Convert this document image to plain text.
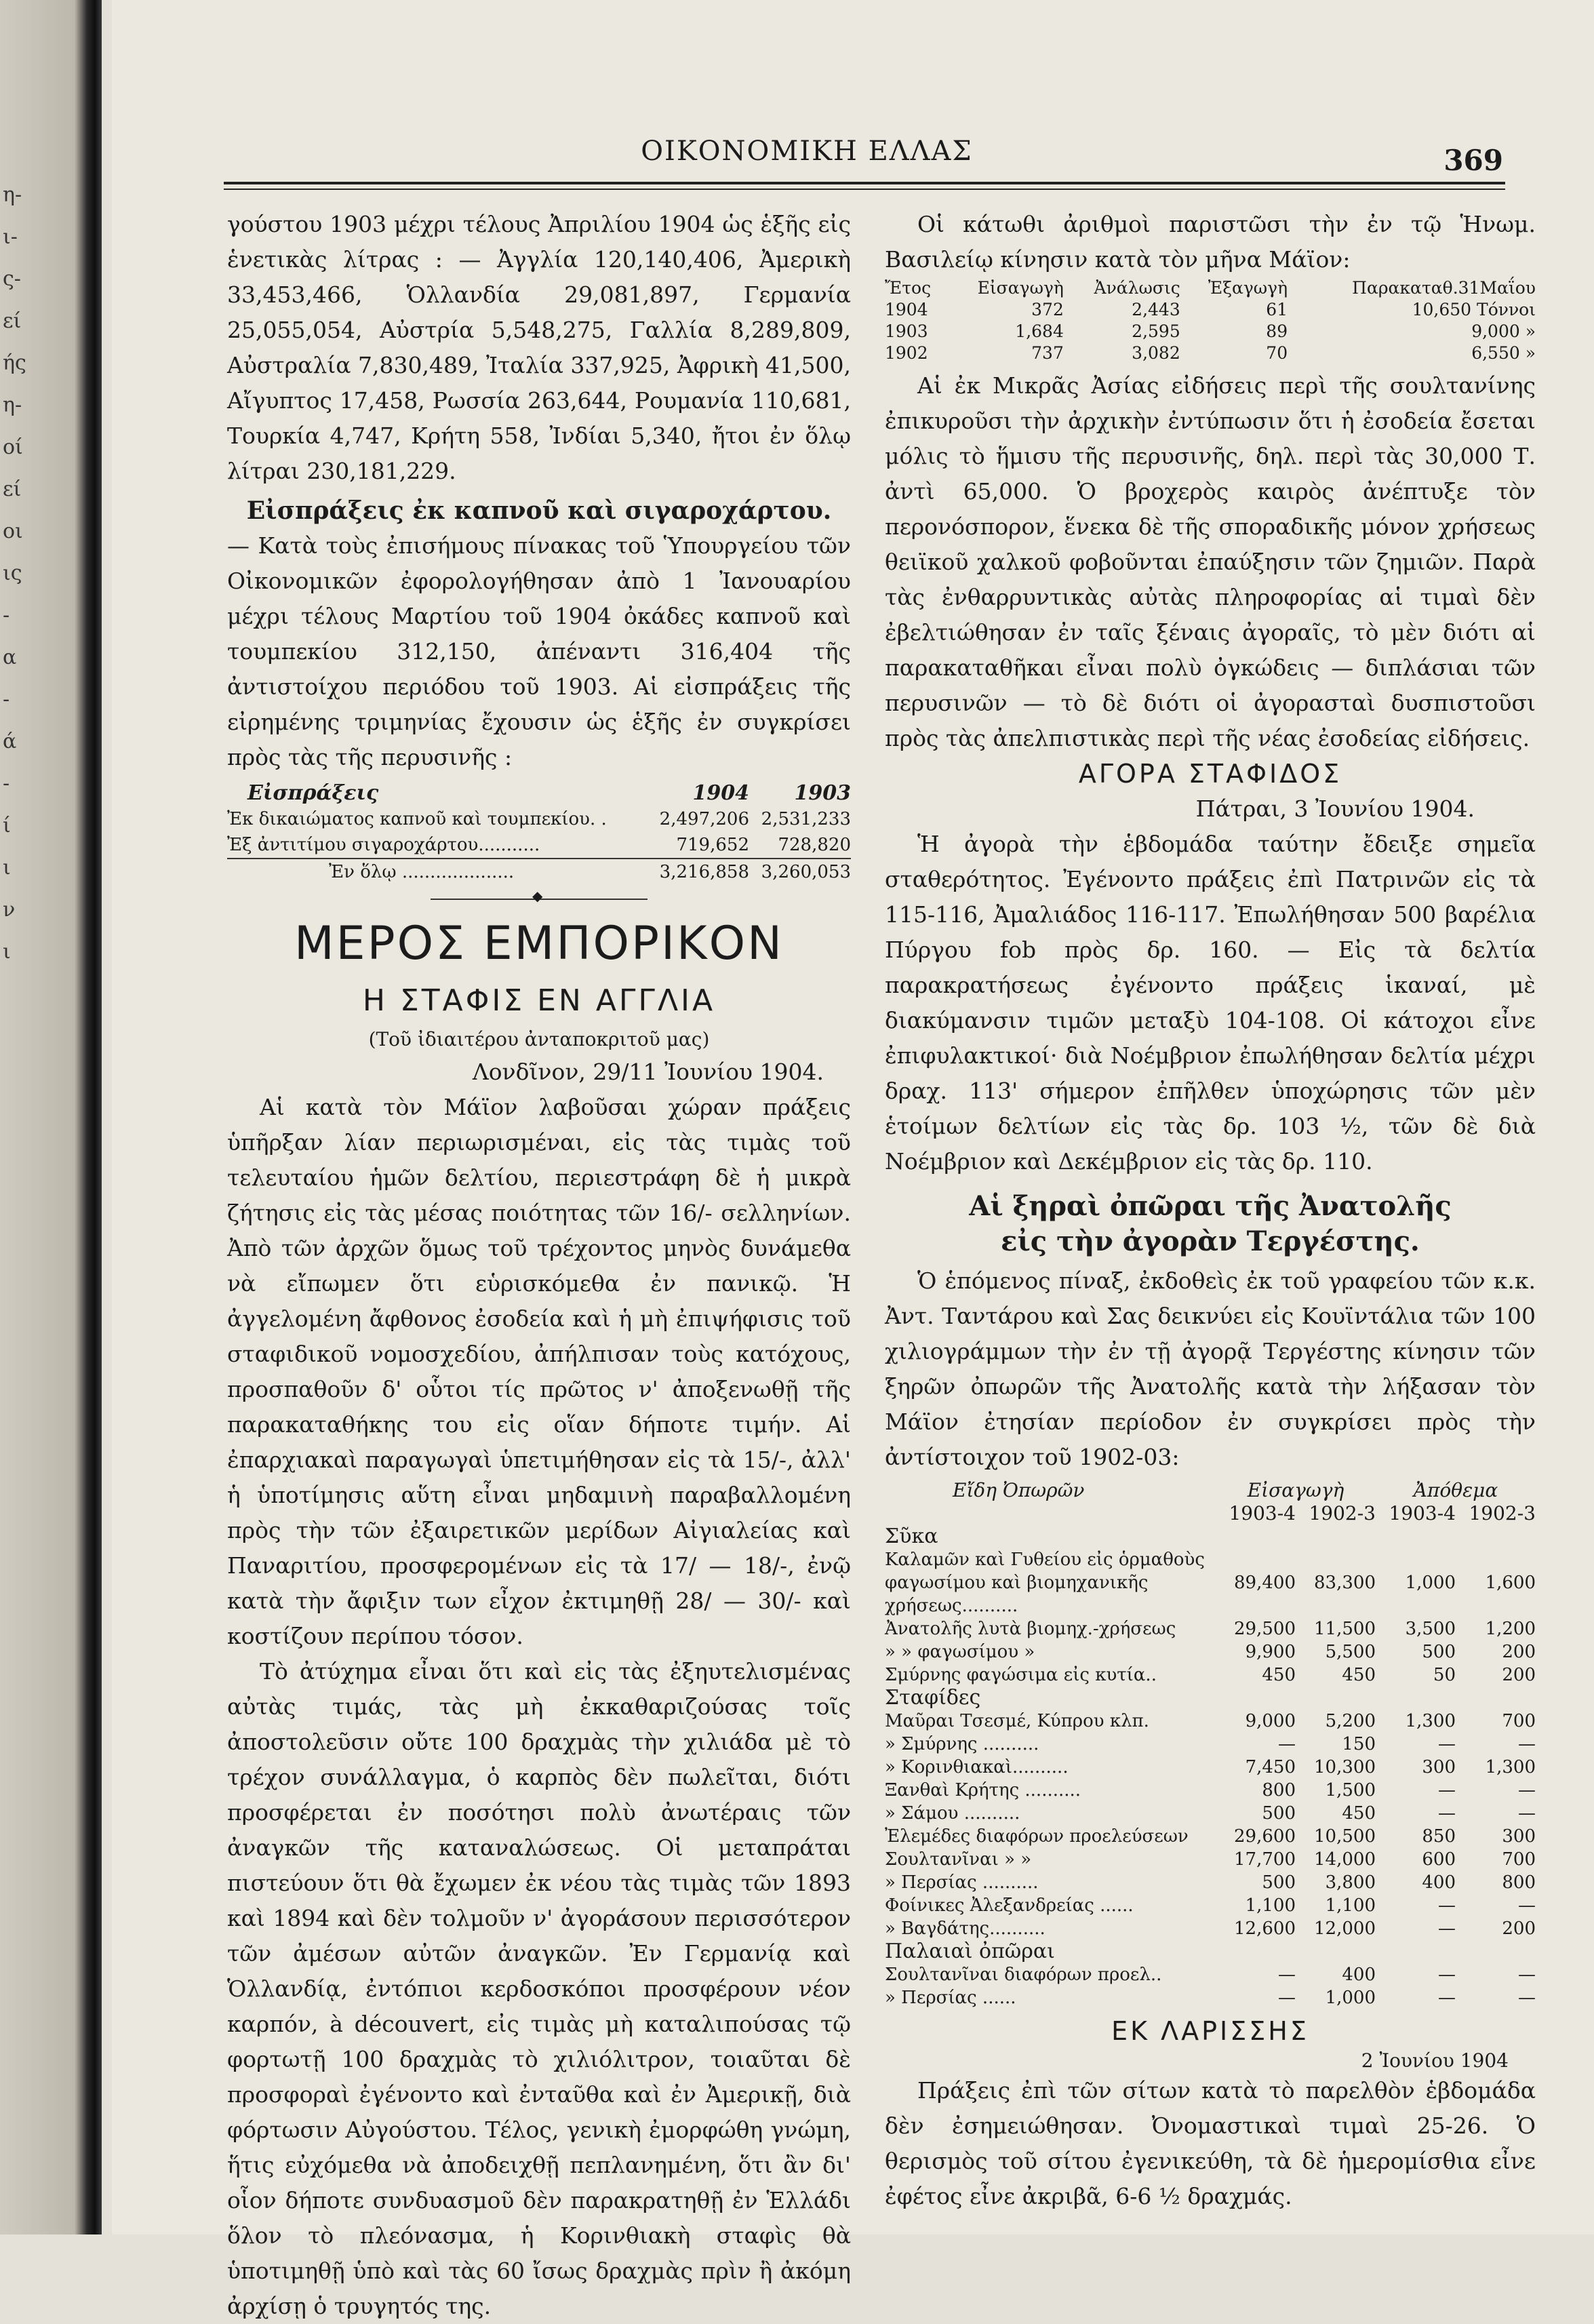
η-
ι-
ς-
εί
ής
η-
οί
εί
οι
ις
-
α
-
ά
-
ί
ι
ν
ι
ΟΙΚΟΝΟΜΙΚΗ ΕΛΛΑΣ	369

γούστου 1903 μέχρι τέλους Ἀπριλίου 1904 ὡς ἑξῆς εἰς ἑνετικὰς λίτρας : — Ἀγγλία 120,140,406, Ἀμερικὴ 33,453,466, Ὁλλανδία 29,081,897, Γερμανία 25,055,054, Αὐστρία 5,548,275, Γαλλία 8,289,809, Αὐστραλία 7,830,489, Ἰταλία 337,925, Ἀφρικὴ 41,500, Αἴγυπτος 17,458, Ρωσσία 263,644, Ρουμανία 110,681, Τουρκία 4,747, Κρήτη 558, Ἰνδίαι 5,340, ἤτοι ἐν ὅλῳ λίτραι 230,181,229.

Εἰσπράξεις ἐκ καπνοῦ καὶ σιγαροχάρτου.

— Κατὰ τοὺς ἐπισήμους πίνακας τοῦ Ὑπουργείου τῶν Οἰκονομικῶν ἐφορολογήθησαν ἀπὸ 1 Ἰανουαρίου μέχρι τέλους Μαρτίου τοῦ 1904 ὀκάδες καπνοῦ καὶ τουμπεκίου 312,150, ἀπέναντι 316,404 τῆς ἀντιστοίχου περιόδου τοῦ 1903. Αἱ εἰσπράξεις τῆς εἰρημένης τριμηνίας ἔχουσιν ὡς ἑξῆς ἐν συγκρίσει πρὸς τὰς τῆς περυσινῆς :

Εἰσπράξεις	1904	1903
Ἐκ δικαιώματος καπνοῦ καὶ τουμπεκίου. .	2,497,206	2,531,233
Ἐξ ἀντιτίμου σιγαροχάρτου...........	719,652	728,820
Ἐν ὅλῳ ....................	3,216,858	3,260,053
◆
ΜΕΡΟΣ ΕΜΠΟΡΙΚΟΝ
Η ΣΤΑΦΙΣ ΕΝ ΑΓΓΛΙΑ

(Τοῦ ἰδιαιτέρου ἀνταποκριτοῦ μας)

Λονδῖνον, 29/11 Ἰουνίου 1904.

Αἱ κατὰ τὸν Μάϊον λαβοῦσαι χώραν πράξεις ὑπῆρξαν λίαν περιωρισμέναι, εἰς τὰς τιμὰς τοῦ τελευταίου ἡμῶν δελτίου, περιεστράφη δὲ ἡ μικρὰ ζήτησις εἰς τὰς μέσας ποιότητας τῶν 16/- σελληνίων. Ἀπὸ τῶν ἀρχῶν ὅμως τοῦ τρέχοντος μηνὸς δυνάμεθα νὰ εἴπωμεν ὅτι εὑρισκόμεθα ἐν πανικῷ. Ἡ ἀγγελομένη ἄφθονος ἐσοδεία καὶ ἡ μὴ ἐπιψήφισις τοῦ σταφιδικοῦ νομοσχεδίου, ἀπήλπισαν τοὺς κατόχους, προσπαθοῦν δ' οὗτοι τίς πρῶτος ν' ἀποξενωθῇ τῆς παρακαταθήκης του εἰς οἵαν δήποτε τιμήν. Αἱ ἐπαρχιακαὶ παραγωγαὶ ὑπετιμήθησαν εἰς τὰ 15/-, ἀλλ' ἡ ὑποτίμησις αὕτη εἶναι μηδαμινὴ παραβαλλομένη πρὸς τὴν τῶν ἐξαιρετικῶν μερίδων Αἰγιαλείας καὶ Παναριτίου, προσφερομένων εἰς τὰ 17/ — 18/-, ἐνῷ κατὰ τὴν ἄφιξιν των εἶχον ἐκτιμηθῇ 28/ — 30/- καὶ κοστίζουν περίπου τόσον.

Τὸ ἀτύχημα εἶναι ὅτι καὶ εἰς τὰς ἐξηυτελισμένας αὐτὰς τιμάς, τὰς μὴ ἐκκαθαριζούσας τοῖς ἀποστολεῦσιν οὔτε 100 δραχμὰς τὴν χιλιάδα μὲ τὸ τρέχον συνάλλαγμα, ὁ καρπὸς δὲν πωλεῖται, διότι προσφέρεται ἐν ποσότησι πολὺ ἀνωτέραις τῶν ἀναγκῶν τῆς καταναλώσεως. Οἱ μεταπράται πιστεύουν ὅτι θὰ ἔχωμεν ἐκ νέου τὰς τιμὰς τῶν 1893 καὶ 1894 καὶ δὲν τολμοῦν ν' ἀγοράσουν περισσότερον τῶν ἀμέσων αὐτῶν ἀναγκῶν. Ἐν Γερμανίᾳ καὶ Ὁλλανδίᾳ, ἐντόπιοι κερδοσκόποι προσφέρουν νέον καρπόν, à découvert, εἰς τιμὰς μὴ καταλιπούσας τῷ φορτωτῇ 100 δραχμὰς τὸ χιλιόλιτρον, τοιαῦται δὲ προσφοραὶ ἐγένοντο καὶ ἐνταῦθα καὶ ἐν Ἀμερικῇ, διὰ φόρτωσιν Αὐγούστου. Τέλος, γενικὴ ἐμορφώθη γνώμη, ἥτις εὐχόμεθα νὰ ἀποδειχθῇ πεπλανημένη, ὅτι ἂν δι' οἷον δήποτε συνδυασμοῦ δὲν παρακρατηθῇ ἐν Ἑλλάδι ὅλον τὸ πλεόνασμα, ἡ Κορινθιακὴ σταφὶς θὰ ὑποτιμηθῇ ὑπὸ καὶ τὰς 60 ἴσως δραχμὰς πρὶν ἢ ἀκόμη ἀρχίσῃ ὁ τρυγητός της.

Οἱ κάτωθι ἀριθμοὶ παριστῶσι τὴν ἐν τῷ Ἡνωμ. Βασιλείῳ κίνησιν κατὰ τὸν μῆνα Μάϊον:

Ἔτος	Εἰσαγωγὴ	Ἀνάλωσις	Ἐξαγωγὴ	Παρακαταθ.31Μαΐου
1904	372	2,443	61	10,650 Τόννοι
1903	1,684	2,595	89	9,000 »
1902	737	3,082	70	6,550 »

Αἱ ἐκ Μικρᾶς Ἀσίας εἰδήσεις περὶ τῆς σουλτανίνης ἐπικυροῦσι τὴν ἀρχικὴν ἐντύπωσιν ὅτι ἡ ἐσοδεία ἔσεται μόλις τὸ ἥμισυ τῆς περυσινῆς, δηλ. περὶ τὰς 30,000 Τ. ἀντὶ 65,000. Ὁ βροχερὸς καιρὸς ἀνέπτυξε τὸν περονόσπορον, ἕνεκα δὲ τῆς σποραδικῆς μόνον χρήσεως θειϊκοῦ χαλκοῦ φοβοῦνται ἐπαύξησιν τῶν ζημιῶν. Παρὰ τὰς ἐνθαρρυντικὰς αὐτὰς πληροφορίας αἱ τιμαὶ δὲν ἐβελτιώθησαν ἐν ταῖς ξέναις ἀγοραῖς, τὸ μὲν διότι αἱ παρακαταθῆκαι εἶναι πολὺ ὀγκώδεις — διπλάσιαι τῶν περυσινῶν — τὸ δὲ διότι οἱ ἀγορασταὶ δυσπιστοῦσι πρὸς τὰς ἀπελπιστικὰς περὶ τῆς νέας ἐσοδείας εἰδήσεις.

ΑΓΟΡΑ ΣΤΑΦΙΔΟΣ

Πάτραι, 3 Ἰουνίου 1904.

Ἡ ἀγορὰ τὴν ἑβδομάδα ταύτην ἔδειξε σημεῖα σταθερότητος. Ἐγένοντο πράξεις ἐπὶ Πατρινῶν εἰς τὰ 115-116, Ἀμαλιάδος 116-117. Ἐπωλήθησαν 500 βαρέλια Πύργου fob πρὸς δρ. 160. — Εἰς τὰ δελτία παρακρατήσεως ἐγένοντο πράξεις ἱκαναί, μὲ διακύμανσιν τιμῶν μεταξὺ 104-108. Οἱ κάτοχοι εἶνε ἐπιφυλακτικοί· διὰ Νοέμβριον ἐπωλήθησαν δελτία μέχρι δραχ. 113' σήμερον ἐπῆλθεν ὑποχώρησις τῶν μὲν ἑτοίμων δελτίων εἰς τὰς δρ. 103 ½, τῶν δὲ διὰ Νοέμβριον καὶ Δεκέμβριον εἰς τὰς δρ. 110.

Αἱ ξηραὶ ὀπῶραι τῆς Ἀνατολῆς

εἰς τὴν ἀγορὰν Τεργέστης.

Ὁ ἑπόμενος πίναξ, ἐκδοθεὶς ἐκ τοῦ γραφείου τῶν κ.κ. Ἀντ. Ταντάρου καὶ Σας δεικνύει εἰς Κουϊντάλια τῶν 100 χιλιογράμμων τὴν ἐν τῇ ἀγορᾷ Τεργέστης κίνησιν τῶν ξηρῶν ὀπωρῶν τῆς Ἀνατολῆς κατὰ τὴν λήξασαν τὸν Μάϊον ἐτησίαν περίοδον ἐν συγκρίσει πρὸς τὴν ἀντίστοιχον τοῦ 1902-03:

Εἴδη Ὀπωρῶν	Εἰσαγωγὴ		Ἀπόθεμα	
	1903-4	1902-3	1903-4	1902-3
Σῦκα				
Καλαμῶν καὶ Γυθείου εἰς ὁρμαθοὺς φαγωσίμου καὶ βιομηχανικῆς χρήσεως..........	89,400	83,300	1,000	1,600
Ἀνατολῆς λυτὰ βιομηχ.-χρήσεως	29,500	11,500	3,500	1,200
» » φαγωσίμου »	9,900	5,500	500	200
Σμύρνης φαγώσιμα εἰς κυτία..	450	450	50	200
Σταφίδες				
Μαῦραι Τσεσμέ, Κύπρου κλπ.	9,000	5,200	1,300	700
» Σμύρνης ..........	—	150	—	—
» Κορινθιακαὶ..........	7,450	10,300	300	1,300
Ξανθαὶ Κρήτης ..........	800	1,500	—	—
» Σάμου ..........	500	450	—	—
Ἐλεμέδες διαφόρων προελεύσεων	29,600	10,500	850	300
Σουλτανῖναι » »	17,700	14,000	600	700
» Περσίας ..........	500	3,800	400	800
Φοίνικες Ἀλεξανδρείας ......	1,100	1,100	—	—
» Βαγδάτης..........	12,600	12,000	—	200
Παλαιαὶ ὀπῶραι				
Σουλτανῖναι διαφόρων προελ..	—	400	—	—
» Περσίας ......	—	1,000	—	—
ΕΚ ΛΑΡΙΣΣΗΣ

2 Ἰουνίου 1904

Πράξεις ἐπὶ τῶν σίτων κατὰ τὸ παρελθὸν ἑβδομάδα δὲν ἐσημειώθησαν. Ὀνομαστικαὶ τιμαὶ 25-26. Ὁ θερισμὸς τοῦ σίτου ἐγενικεύθη, τὰ δὲ ἡμερομίσθια εἶνε ἐφέτος εἶνε ἀκριβᾶ, 6-6 ½ δραχμάς.
